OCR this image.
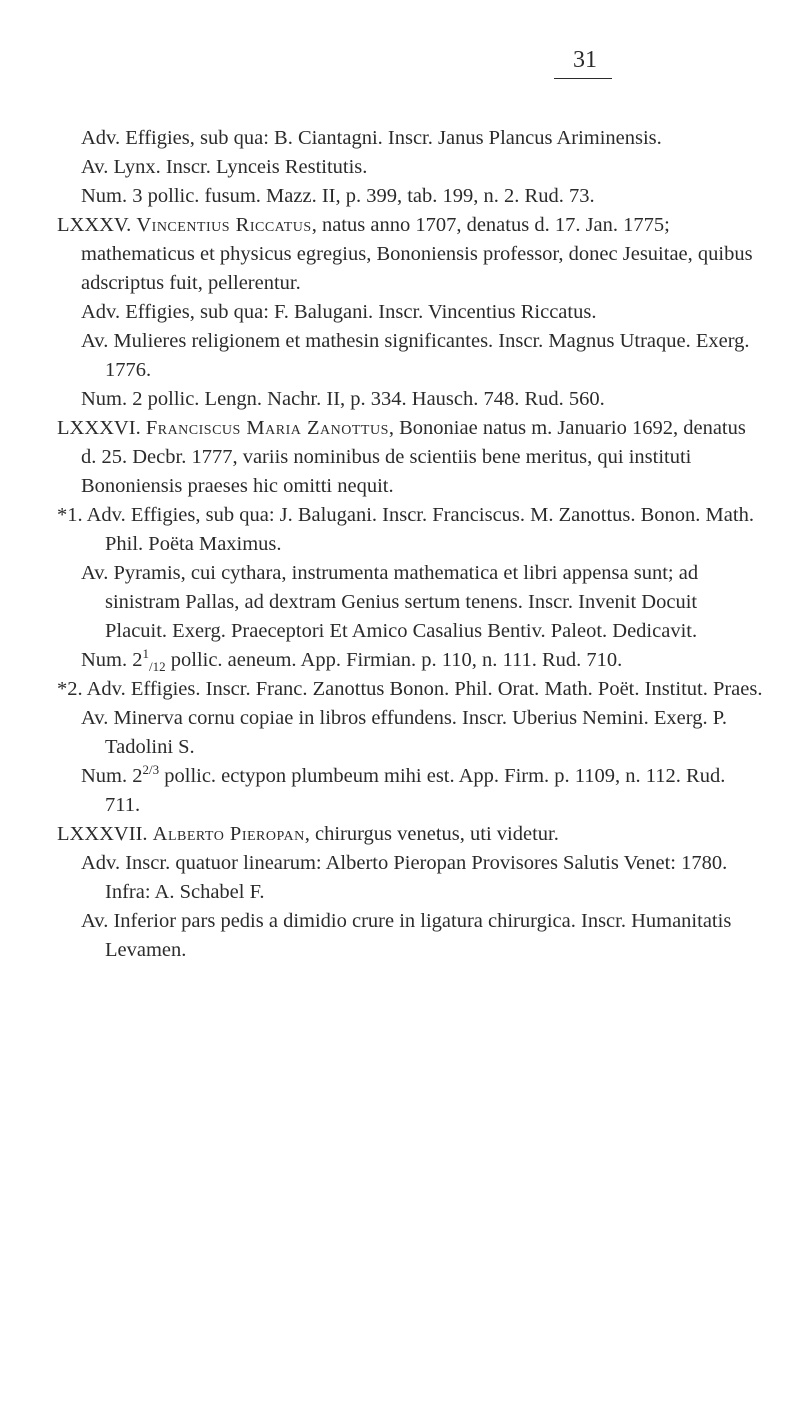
31

Adv. Effigies, sub qua: B. Ciantagni. Inscr. Janus Plancus Ariminensis.

Av. Lynx. Inscr. Lynceis Restitutis.

Num. 3 pollic. fusum. Mazz. II, p. 399, tab. 199, n. 2. Rud. 73.

LXXXV. Vincentius Riccatus, natus anno 1707, denatus d. 17. Jan. 1775; mathematicus et physicus egregius, Bononiensis professor, donec Jesuitae, quibus adscriptus fuit, pellerentur.

Adv. Effigies, sub qua: F. Balugani. Inscr. Vincentius Riccatus.

Av. Mulieres religionem et mathesin significantes. Inscr. Magnus Utraque. Exerg. 1776.

Num. 2 pollic. Lengn. Nachr. II, p. 334. Hausch. 748. Rud. 560.

LXXXVI. Franciscus Maria Zanottus, Bononiae natus m. Januario 1692, denatus d. 25. Decbr. 1777, variis nominibus de scientiis bene meritus, qui instituti Bononiensis praeses hic omitti nequit.

*1. Adv. Effigies, sub qua: J. Balugani. Inscr. Franciscus. M. Zanottus. Bonon. Math. Phil. Poëta Maximus.

Av. Pyramis, cui cythara, instrumenta mathematica et libri appensa sunt; ad sinistram Pallas, ad dextram Genius sertum tenens. Inscr. Invenit Docuit Placuit. Exerg. Praeceptori Et Amico Casalius Bentiv. Paleot. Dedicavit.

Num. $2^1_{/12}$ pollic. aeneum. App. Firmian. p. 110, n. 111. Rud. 710.

*2. Adv. Effigies. Inscr. Franc. Zanottus Bonon. Phil. Orat. Math. Poët. Institut. Praes.

Av. Minerva cornu copiae in libros effundens. Inscr. Uberius Nemini. Exerg. P. Tadolini S.

Num. $2^{2/3}$ pollic. ectypon plumbeum mihi est. App. Firm. p. 1109, n. 112. Rud. 711.

LXXXVII. Alberto Pieropan, chirurgus venetus, uti videtur.

Adv. Inscr. quatuor linearum: Alberto Pieropan Provisores Salutis Venet: 1780. Infra: A. Schabel F.

Av. Inferior pars pedis a dimidio crure in ligatura chirurgica. Inscr. Humanitatis Levamen.
